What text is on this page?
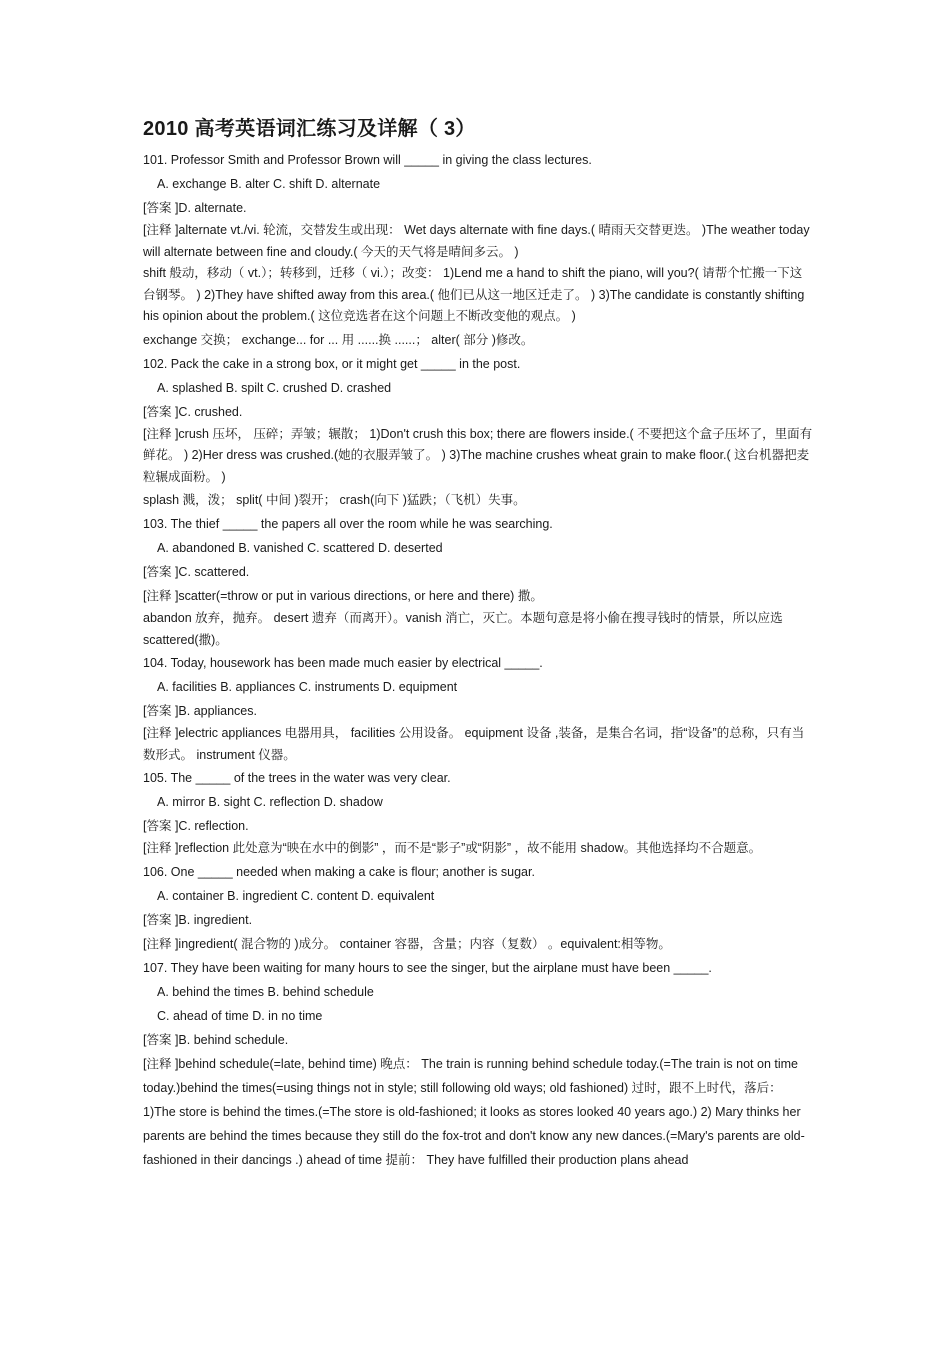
2010 高考英语词汇练习及详解（ 3）

101. Professor Smith and Professor Brown will _____ in giving the class lectures.

A. exchange B. alter C. shift D. alternate

[答案 ]D. alternate.

[注释 ]alternate vt./vi. 轮流，交替发生或出现： Wet days alternate with fine days.( 晴雨天交替更迭。 )The weather today will alternate between fine and cloudy.( 今天的天气将是晴间多云。 )

shift 般动，移动（ vt.）；转移到，迁移（ vi.）；改变： 1)Lend me a hand to shift the piano, will you?( 请帮个忙搬一下这台钢琴。 ) 2)They have shifted away from this area.( 他们已从这一地区迁走了。 ) 3)The candidate is constantly shifting his opinion about the problem.( 这位竞选者在这个问题上不断改变他的观点。 )

exchange 交换； exchange... for ... 用 ......换 ......； alter( 部分 )修改。

102. Pack the cake in a strong box, or it might get _____ in the post.

A. splashed B. spilt C. crushed D. crashed

[答案 ]C. crushed.

[注释 ]crush 压坏， 压碎；弄皱；辗散； 1)Don't crush this box; there are flowers inside.( 不要把这个盒子压坏了，里面有鲜花。 ) 2)Her dress was crushed.(她的衣服弄皱了。 ) 3)The machine crushes wheat grain to make floor.( 这台机器把麦粒辗成面粉。 )

splash 溅，泼； split( 中间 )裂开； crash(向下 )猛跌；（飞机）失事。

103. The thief _____ the papers all over the room while he was searching.

A. abandoned B. vanished C. scattered D. deserted

[答案 ]C. scattered.

[注释 ]scatter(=throw or put in various directions, or here and there) 撒。

abandon 放弃，抛弃。 desert 遗弃（而离开）。vanish 消亡，灭亡。本题句意是将小偷在搜寻钱时的情景，所以应选 scattered(撒)。

104. Today, housework has been made much easier by electrical _____.

A. facilities B. appliances C. instruments D. equipment

[答案 ]B. appliances.

[注释 ]electric appliances 电器用具， facilities 公用设备。 equipment 设备 ,装备，是集合名词，指“设备”的总称，只有当数形式。 instrument 仪器。

105. The _____ of the trees in the water was very clear.

A. mirror B. sight C. reflection D. shadow

[答案 ]C. reflection.

[注释 ]reflection 此处意为“映在水中的倒影” ，而不是“影子”或“阴影” ，故不能用 shadow。其他选择均不合题意。

106. One _____ needed when making a cake is flour; another is sugar.

A. container B. ingredient C. content D. equivalent

[答案 ]B. ingredient.

[注释 ]ingredient( 混合物的 )成分。 container 容器，含量；内容（复数） 。equivalent:相等物。

107. They have been waiting for many hours to see the singer, but the airplane must have been _____.

A. behind the times B. behind schedule

C. ahead of time D. in no time

[答案 ]B. behind schedule.

[注释 ]behind schedule(=late, behind time) 晚点： The train is running behind schedule today.(=The train is not on time today.)behind the times(=using things not in style; still following old ways; old fashioned) 过时，跟不上时代，落后： 1)The store is behind the times.(=The store is old-fashioned; it looks as stores looked 40 years ago.) 2) Mary thinks her parents are behind the times because they still do the fox-trot and don't know any new dances.(=Mary's parents are old-fashioned in their dancings .) ahead of time 提前： They have fulfilled their production plans ahead
